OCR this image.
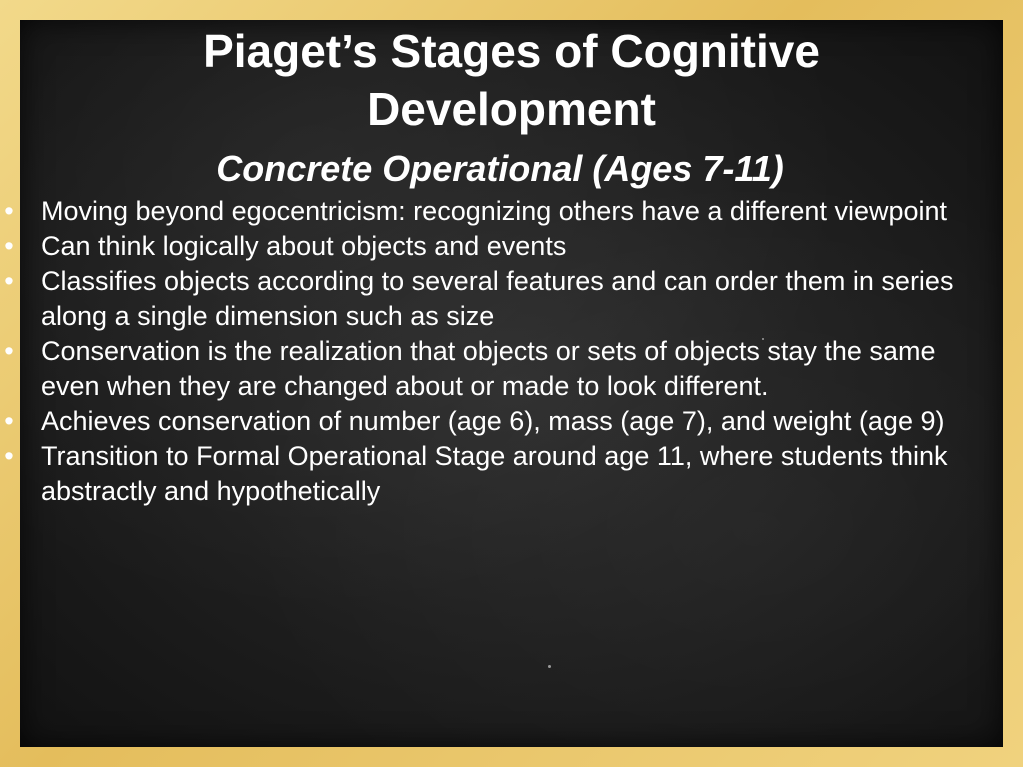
Piaget’s Stages of Cognitive
Development
Concrete Operational (Ages 7-11)
• Moving beyond egocentricism: recognizing others have a different viewpoint
• Can think logically about objects and events
• Classifies objects according to several features and can order them in series along a single dimension such as size
• Conservation is the realization that objects or sets of objects stay the same even when they are changed about or made to look different.
• Achieves conservation of number (age 6), mass (age 7), and weight (age 9)
• Transition to Formal Operational Stage around age 11, where students think abstractly and hypothetically
